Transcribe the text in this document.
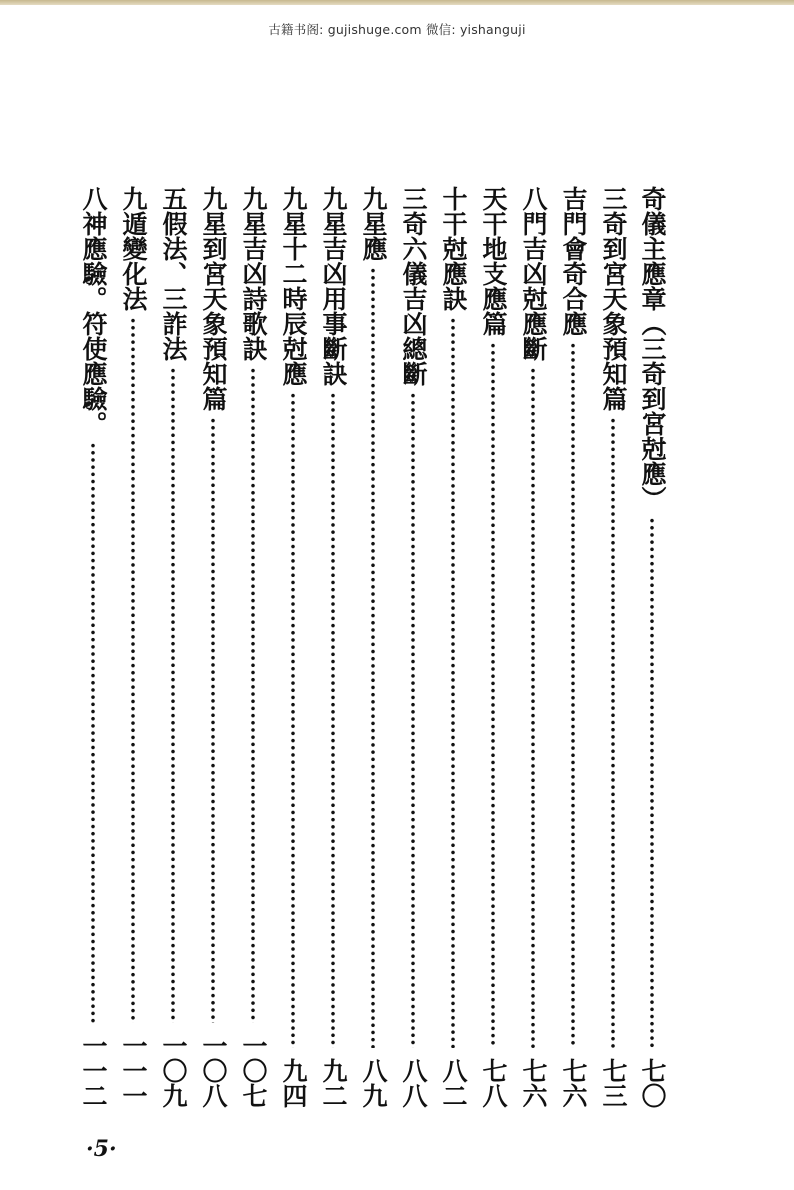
古籍书阁: gujishuge.com 微信: yishanguji
奇儀主應章（三奇到宮尅應）
七〇
三奇到宮天象預知篇
七三
吉門會奇合應
七六
八門吉凶尅應斷
七六
天干地支應篇
七八
十干尅應訣
八二
三奇六儀吉凶總斷
八八
九星應
八九
九星吉凶用事斷訣
九二
九星十二時辰尅應
九四
九星吉凶詩歌訣
一〇七
九星到宮天象預知篇
一〇八
五假法、三詐法
一〇九
九遁變化法
一一一
八神應驗。符使應驗。
一一二
·5·
